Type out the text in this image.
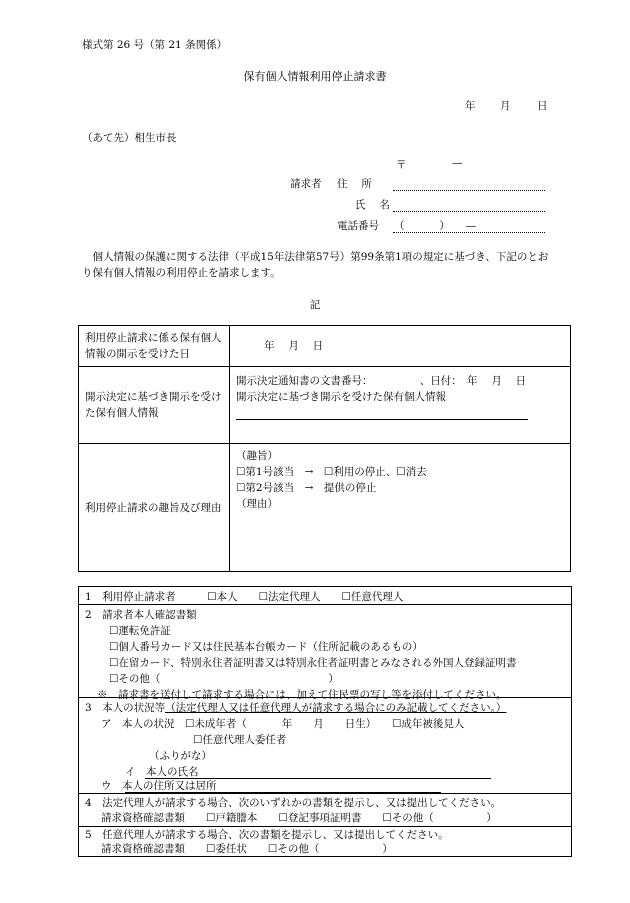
様式第 26 号（第 21 条関係）
保有個人情報利用停止請求書
年 月	日
（あて先）相生市長
〒	—
請求者 住　 所
氏　 名
電話番号 （　　 　）　　—
　個人情報の保護に関する法律（平成15年法律第57号）第99条第1項の規定に基づき、下記のとおり保有個人情報の利用停止を請求します。
記
利用停止請求に係る保有個人情報の開示を受けた日	年　 月　 日
開示決定に基づき開示を受けた保有個人情報	開示決定通知書の文書番号：　　　　　、日付：　年　 月　 日
開示決定に基づき開示を受けた保有個人情報

利用停止請求の趣旨及び理由	（趣旨）
☐第1号該当　→　☐利用の停止、☐消去
☐第2号該当　→　提供の停止
（理由）
1　利用停止請求者　　　☐本人　　☐法定代理人　　☐任意代理人
2　請求者本人確認書類
☐運転免許証
☐個人番号カード又は住民基本台帳カード（住所記載のあるもの）
☐在留カード、特別永住者証明書又は特別永住者証明書とみなされる外国人登録証明書
☐その他（　　　　　　　　　　　　　　　　）
※　請求書を送付して請求する場合には、加えて住民票の写し等を添付してください。
3　本人の状況等（法定代理人又は任意代理人が請求する場合にのみ記載してください。）
ア　本人の状況　☐未成年者（　　　 年　　月　　日生）　　☐成年被後見人
☐任意代理人委任者
（ふりがな）
イ　本人の氏名
ウ　本人の住所又は居所
4　法定代理人が請求する場合、次のいずれかの書類を提示し、又は提出してください。
請求資格確認書類　　☐戸籍謄本　　☐登記事項証明書　　☐その他（　　　　　）
5　任意代理人が請求する場合、次の書類を提示し、又は提出してください。
請求資格確認書類　　☐委任状　　☐その他（　　　　　　）
